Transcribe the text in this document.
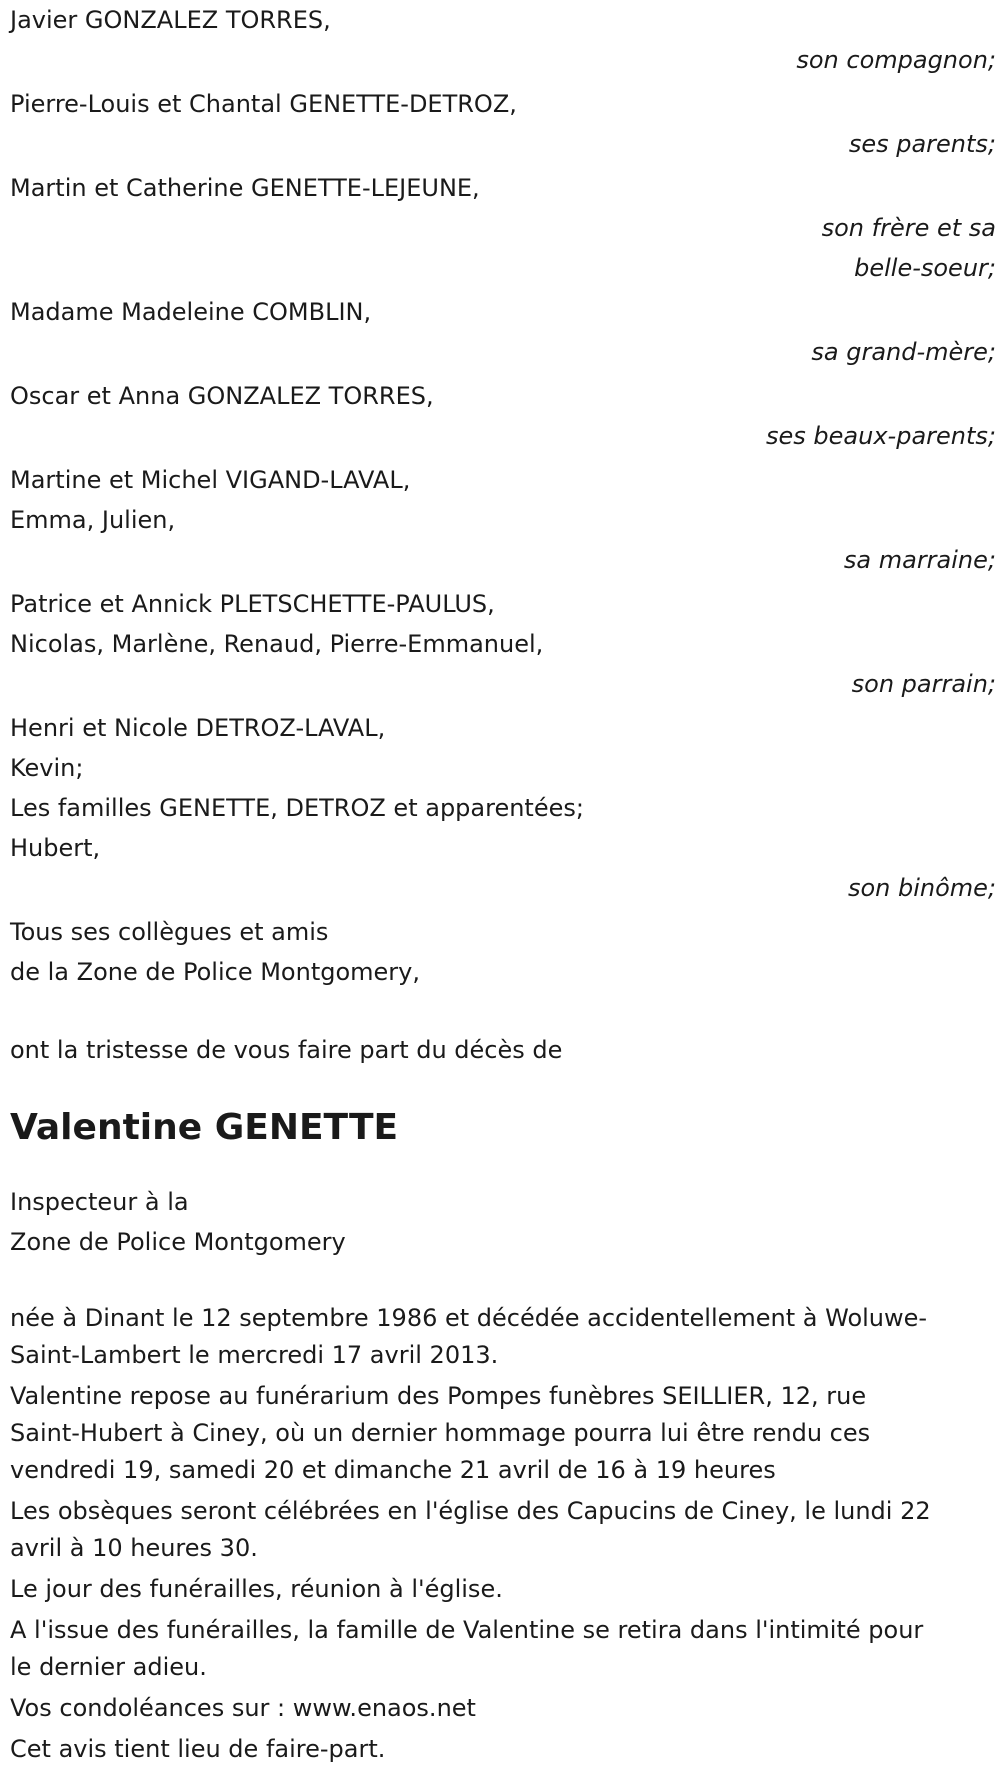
Javier GONZALEZ TORRES,
son compagnon;
Pierre-Louis et Chantal GENETTE-DETROZ,
ses parents;
Martin et Catherine GENETTE-LEJEUNE,
son frère et sa
belle-soeur;
Madame Madeleine COMBLIN,
sa grand-mère;
Oscar et Anna GONZALEZ TORRES,
ses beaux-parents;
Martine et Michel VIGAND-LAVAL,
Emma, Julien,
sa marraine;
Patrice et Annick PLETSCHETTE-PAULUS,
Nicolas, Marlène, Renaud, Pierre-Emmanuel,
son parrain;
Henri et Nicole DETROZ-LAVAL,
Kevin;
Les familles GENETTE, DETROZ et apparentées;
Hubert,
son binôme;
Tous ses collègues et amis
de la Zone de Police Montgomery,
ont la tristesse de vous faire part du décès de
Valentine GENETTE
Inspecteur à la
Zone de Police Montgomery
née à Dinant le 12 septembre 1986 et décédée accidentellement à Woluwe-Saint-Lambert le mercredi 17 avril 2013.
Valentine repose au funérarium des Pompes funèbres SEILLIER, 12, rue Saint-Hubert à Ciney, où un dernier hommage pourra lui être rendu ces vendredi 19, samedi 20 et dimanche 21 avril de 16 à 19 heures
Les obsèques seront célébrées en l'église des Capucins de Ciney, le lundi 22 avril à 10 heures 30.
Le jour des funérailles, réunion à l'église.
A l'issue des funérailles, la famille de Valentine se retira dans l'intimité pour le dernier adieu.
Vos condoléances sur : www.enaos.net
Cet avis tient lieu de faire-part.
